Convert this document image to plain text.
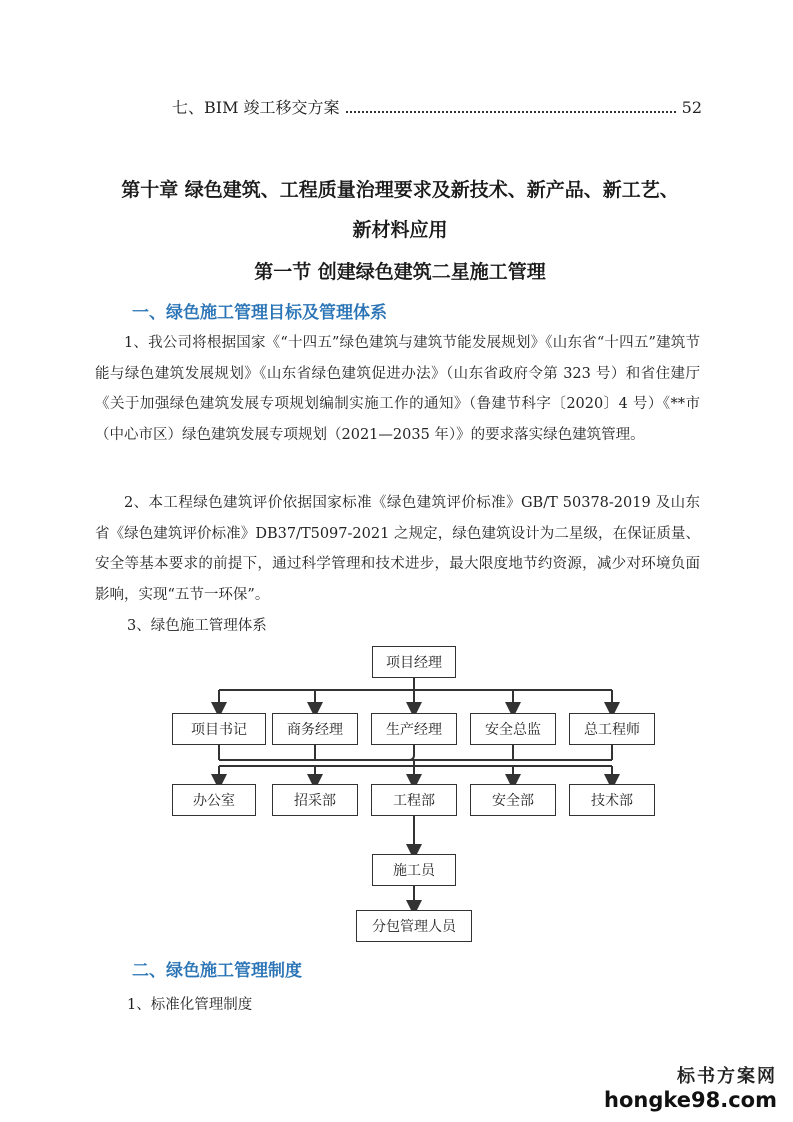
七、BIM 竣工移交方案	52
第十章 绿色建筑、工程质量治理要求及新技术、新产品、新工艺、
新材料应用
第一节 创建绿色建筑二星施工管理
一、绿色施工管理目标及管理体系
1、我公司将根据国家《“十四五”绿色建筑与建筑节能发展规划》《山东省“十四五”建筑节能与绿色建筑发展规划》《山东省绿色建筑促进办法》（山东省政府令第 323 号）和省住建厅《关于加强绿色建筑发展专项规划编制实施工作的通知》（鲁建节科字〔2020〕4 号）《**市（中心市区）绿色建筑发展专项规划（2021—2035 年）》的要求落实绿色建筑管理。
2、本工程绿色建筑评价依据国家标准《绿色建筑评价标准》GB/T 50378-2019 及山东省《绿色建筑评价标准》DB37/T5097-2021 之规定，绿色建筑设计为二星级，在保证质量、安全等基本要求的前提下，通过科学管理和技术进步，最大限度地节约资源，减少对环境负面影响，实现“五节一环保”。
3、绿色施工管理体系
项目经理
项目书记	商务经理	生产经理	安全总监	总工程师
办公室	招采部	工程部	安全部	技术部
施工员
分包管理人员
二、绿色施工管理制度
1、标准化管理制度
标书方案网
hongke98.com
